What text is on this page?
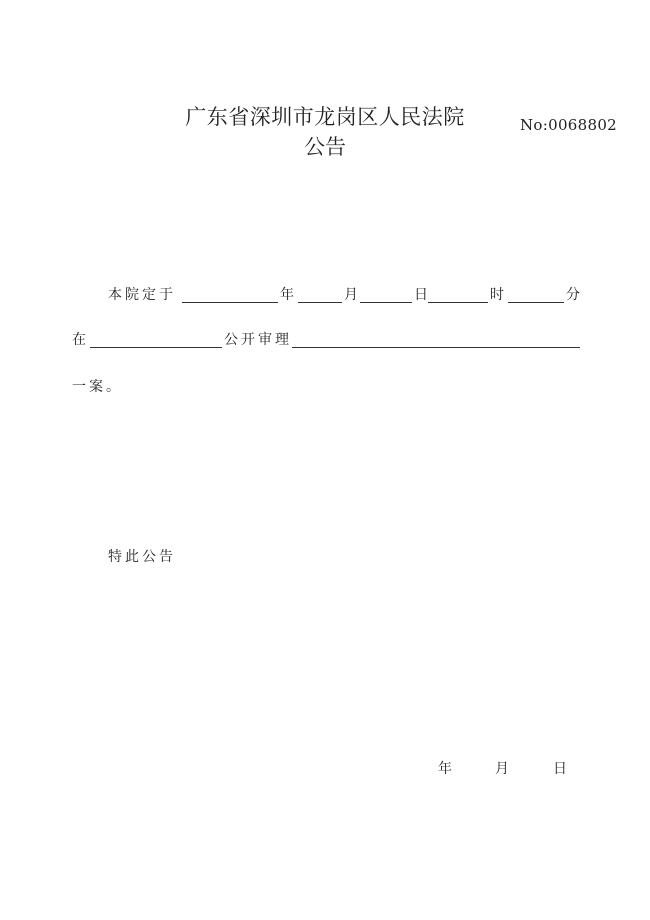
广东省深圳市龙岗区人民法院
公告
No:0068802
本院定于	年	月	日	时	分
在	公开审理
一案。
特此公告
年	月	日
